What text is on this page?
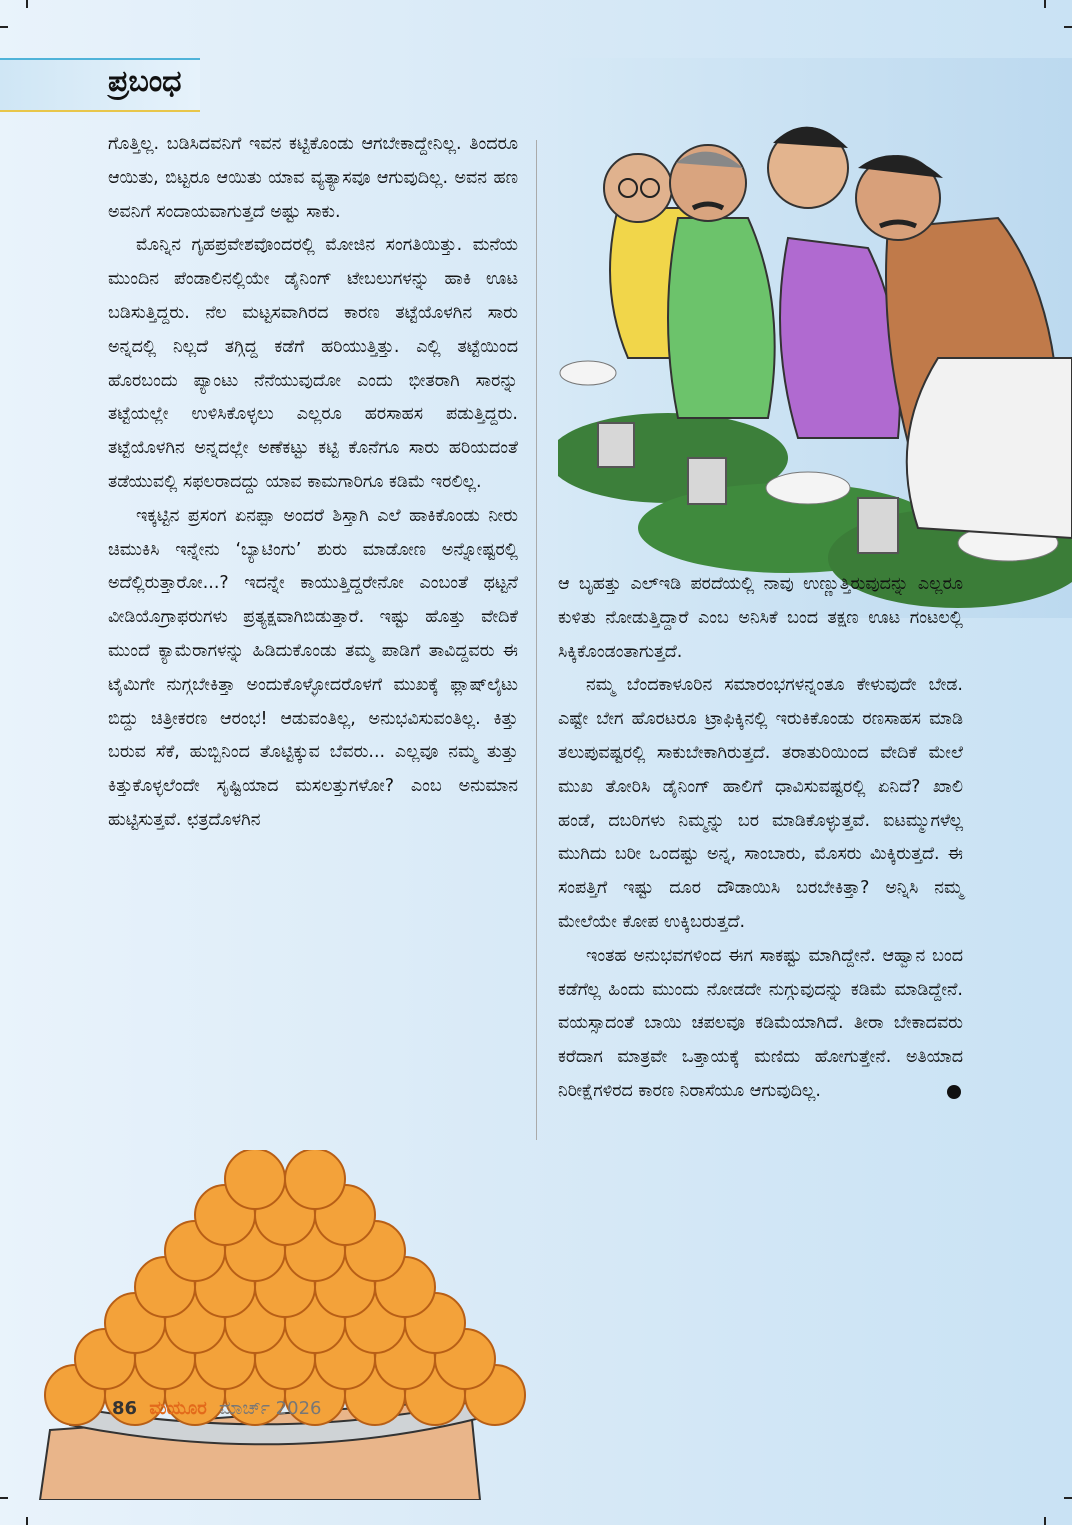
ಪ್ರಬಂಧ

ಗೊತ್ತಿಲ್ಲ. ಬಡಿಸಿದವನಿಗೆ ಇವನ ಕಟ್ಟಿಕೊಂಡು ಆಗಬೇಕಾದ್ದೇನಿಲ್ಲ. ತಿಂದರೂ ಆಯಿತು, ಬಿಟ್ಟರೂ ಆಯಿತು ಯಾವ ವ್ಯತ್ಯಾಸವೂ ಆಗುವುದಿಲ್ಲ. ಅವನ ಹಣ ಅವನಿಗೆ ಸಂದಾಯವಾಗುತ್ತದೆ ಅಷ್ಟು ಸಾಕು.

ಮೊನ್ನಿನ ಗೃಹಪ್ರವೇಶವೊಂದರಲ್ಲಿ ಮೋಜಿನ ಸಂಗತಿಯಿತ್ತು. ಮನೆಯ ಮುಂದಿನ ಪೆಂಡಾಲಿನಲ್ಲಿಯೇ ಡೈನಿಂಗ್ ಟೇಬಲುಗಳನ್ನು ಹಾಕಿ ಊಟ ಬಡಿಸುತ್ತಿದ್ದರು. ನೆಲ ಮಟ್ಟಸವಾಗಿರದ ಕಾರಣ ತಟ್ಟೆಯೊಳಗಿನ ಸಾರು ಅನ್ನದಲ್ಲಿ ನಿಲ್ಲದೆ ತಗ್ಗಿದ್ದ ಕಡೆಗೆ ಹರಿಯುತ್ತಿತ್ತು. ಎಲ್ಲಿ ತಟ್ಟೆಯಿಂದ ಹೊರಬಂದು ಪ್ಯಾಂಟು ನೆನೆಯುವುದೋ ಎಂದು ಭೀತರಾಗಿ ಸಾರನ್ನು ತಟ್ಟೆಯಲ್ಲೇ ಉಳಿಸಿಕೊಳ್ಳಲು ಎಲ್ಲರೂ ಹರಸಾಹಸ ಪಡುತ್ತಿದ್ದರು. ತಟ್ಟೆಯೊಳಗಿನ ಅನ್ನದಲ್ಲೇ ಅಣೆಕಟ್ಟು ಕಟ್ಟಿ ಕೊನೆಗೂ ಸಾರು ಹರಿಯದಂತೆ ತಡೆಯುವಲ್ಲಿ ಸಫಲರಾದದ್ದು ಯಾವ ಕಾಮಗಾರಿಗೂ ಕಡಿಮೆ ಇರಲಿಲ್ಲ.

ಇಕ್ಕಟ್ಟಿನ ಪ್ರಸಂಗ ಏನಪ್ಪಾ ಅಂದರೆ ಶಿಸ್ತಾಗಿ ಎಲೆ ಹಾಕಿಕೊಂಡು ನೀರು ಚಿಮುಕಿಸಿ ಇನ್ನೇನು ‘ಬ್ಯಾಟಿಂಗು’ ಶುರು ಮಾಡೋಣ ಅನ್ನೋಷ್ಟರಲ್ಲಿ ಅದೆಲ್ಲಿರುತ್ತಾರೋ...? ಇದನ್ನೇ ಕಾಯುತ್ತಿದ್ದರೇನೋ ಎಂಬಂತೆ ಥಟ್ಟನೆ ವೀಡಿಯೊಗ್ರಾಫರುಗಳು ಪ್ರತ್ಯಕ್ಷವಾಗಿಬಿಡುತ್ತಾರೆ. ಇಷ್ಟು ಹೊತ್ತು ವೇದಿಕೆ ಮುಂದೆ ಕ್ಯಾಮೆರಾಗಳನ್ನು ಹಿಡಿದುಕೊಂಡು ತಮ್ಮ ಪಾಡಿಗೆ ತಾವಿದ್ದವರು ಈ ಟೈಮಿಗೇ ನುಗ್ಗಬೇಕಿತ್ತಾ ಅಂದುಕೊಳ್ಳೋದರೊಳಗೆ ಮುಖಕ್ಕೆ ಫ್ಲಾಷ್‌ಲೈಟು ಬಿದ್ದು ಚಿತ್ರೀಕರಣ ಆರಂಭ! ಆಡುವಂತಿಲ್ಲ, ಅನುಭವಿಸುವಂತಿಲ್ಲ. ಕಿತ್ತು ಬರುವ ಸೆಕೆ, ಹುಬ್ಬಿನಿಂದ ತೊಟ್ಟಿಕ್ಕುವ ಬೆವರು... ಎಲ್ಲವೂ ನಮ್ಮ ತುತ್ತು ಕಿತ್ತುಕೊಳ್ಳಲೆಂದೇ ಸೃಷ್ಟಿಯಾದ ಮಸಲತ್ತುಗಳೋ? ಎಂಬ ಅನುಮಾನ ಹುಟ್ಟಿಸುತ್ತವೆ. ಛತ್ರದೊಳಗಿನ

ಆ ಬೃಹತ್ತು ಎಲ್‌ಇಡಿ ಪರದೆಯಲ್ಲಿ ನಾವು ಉಣ್ಣುತ್ತಿರುವುದನ್ನು ಎಲ್ಲರೂ ಕುಳಿತು ನೋಡುತ್ತಿದ್ದಾರೆ ಎಂಬ ಅನಿಸಿಕೆ ಬಂದ ತಕ್ಷಣ ಊಟ ಗಂಟಲಲ್ಲಿ ಸಿಕ್ಕಿಕೊಂಡಂತಾಗುತ್ತದೆ.

ನಮ್ಮ ಬೆಂದಕಾಳೂರಿನ ಸಮಾರಂಭಗಳನ್ನಂತೂ ಕೇಳುವುದೇ ಬೇಡ. ಎಷ್ಟೇ ಬೇಗ ಹೊರಟರೂ ಟ್ರಾಫಿಕ್ಕಿನಲ್ಲಿ ಇರುಕಿಕೊಂಡು ರಣಸಾಹಸ ಮಾಡಿ ತಲುಪುವಷ್ಟರಲ್ಲಿ ಸಾಕುಬೇಕಾಗಿರುತ್ತದೆ. ತರಾತುರಿಯಿಂದ ವೇದಿಕೆ ಮೇಲೆ ಮುಖ ತೋರಿಸಿ ಡೈನಿಂಗ್ ಹಾಲಿಗೆ ಧಾವಿಸುವಷ್ಟರಲ್ಲಿ ಏನಿದೆ? ಖಾಲಿ ಹಂಡೆ, ದಬರಿಗಳು ನಿಮ್ಮನ್ನು ಬರ ಮಾಡಿಕೊಳ್ಳುತ್ತವೆ. ಐಟಮ್ಮುಗಳೆಲ್ಲ ಮುಗಿದು ಬರೀ ಒಂದಷ್ಟು ಅನ್ನ, ಸಾಂಬಾರು, ಮೊಸರು ಮಿಕ್ಕಿರುತ್ತದೆ. ಈ ಸಂಪತ್ತಿಗೆ ಇಷ್ಟು ದೂರ ದೌಡಾಯಿಸಿ ಬರಬೇಕಿತ್ತಾ? ಅನ್ನಿಸಿ ನಮ್ಮ ಮೇಲೆಯೇ ಕೋಪ ಉಕ್ಕಿಬರುತ್ತದೆ.

ಇಂತಹ ಅನುಭವಗಳಿಂದ ಈಗ ಸಾಕಷ್ಟು ಮಾಗಿದ್ದೇನೆ. ಆಹ್ವಾನ ಬಂದ ಕಡೆಗೆಲ್ಲ ಹಿಂದು ಮುಂದು ನೋಡದೇ ನುಗ್ಗುವುದನ್ನು ಕಡಿಮೆ ಮಾಡಿದ್ದೇನೆ. ವಯಸ್ಸಾದಂತೆ ಬಾಯಿ ಚಪಲವೂ ಕಡಿಮೆಯಾಗಿದೆ. ತೀರಾ ಬೇಕಾದವರು ಕರೆದಾಗ ಮಾತ್ರವೇ ಒತ್ತಾಯಕ್ಕೆ ಮಣಿದು ಹೋಗುತ್ತೇನೆ. ಅತಿಯಾದ ನಿರೀಕ್ಷೆಗಳಿರದ ಕಾರಣ ನಿರಾಸೆಯೂ ಆಗುವುದಿಲ್ಲ.

86 ಮಯೂರ ಮಾರ್ಚ್ 2026
